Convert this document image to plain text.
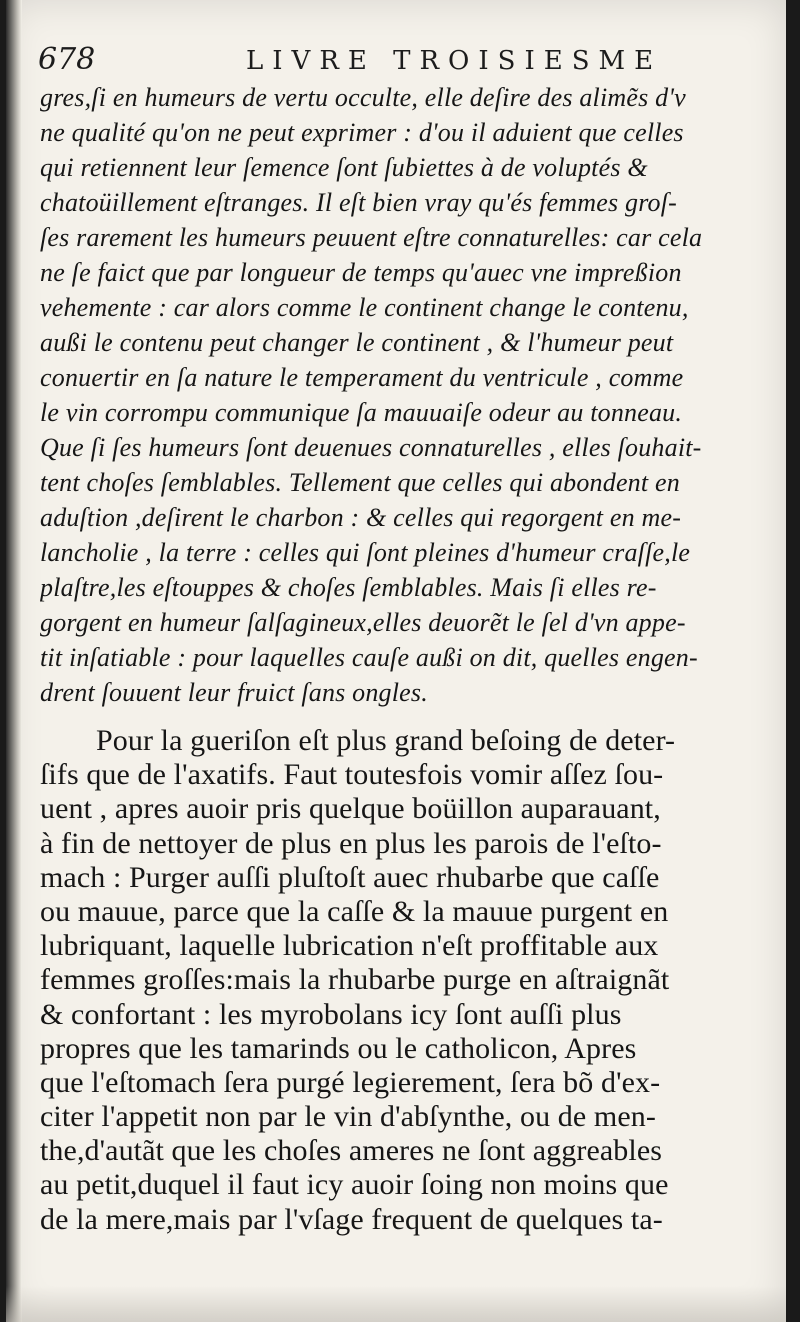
678	LIVRE TROISIESME
gres,ſi en humeurs de vertu occulte, elle deſire des alimẽs d'v
ne qualité qu'on ne peut exprimer : d'ou il aduient que celles
qui retiennent leur ſemence ſont ſubiettes à de voluptés &
chatoüillement eſtranges. Il eſt bien vray qu'és femmes groſ-
ſes rarement les humeurs peuuent eſtre connaturelles: car cela
ne ſe faict que par longueur de temps qu'auec vne impreßion
vehemente : car alors comme le continent change le contenu,
außi le contenu peut changer le continent , & l'humeur peut
conuertir en ſa nature le temperament du ventricule , comme
le vin corrompu communique ſa mauuaiſe odeur au tonneau.
Que ſi ſes humeurs ſont deuenues connaturelles , elles ſouhait-
tent choſes ſemblables. Tellement que celles qui abondent en
aduſtion ,deſirent le charbon : & celles qui regorgent en me-
lancholie , la terre : celles qui ſont pleines d'humeur craſſe,le
plaſtre,les eſtouppes & choſes ſemblables. Mais ſi elles re-
gorgent en humeur ſalſagineux,elles deuorẽt le ſel d'vn appe-
tit inſatiable : pour laquelles cauſe außi on dit, quelles engen-
drent ſouuent leur fruict ſans ongles.
Pour la gueriſon eſt plus grand beſoing de deter-
ſifs que de l'axatifs. Faut toutesfois vomir aſſez ſou-
uent , apres auoir pris quelque boüillon auparauant,
à fin de nettoyer de plus en plus les parois de l'eſto-
mach : Purger auſſi pluſtoſt auec rhubarbe que caſſe
ou mauue, parce que la caſſe & la mauue purgent en
lubriquant, laquelle lubrication n'eſt proffitable aux
femmes groſſes:mais la rhubarbe purge en aſtraignãt
& confortant : les myrobolans icy ſont auſſi plus
propres que les tamarinds ou le catholicon, Apres
que l'eſtomach ſera purgé legierement, ſera bõ d'ex-
citer l'appetit non par le vin d'abſynthe, ou de men-
the,d'autãt que les choſes ameres ne ſont aggreables
au petit,duquel il faut icy auoir ſoing non moins que
de la mere,mais par l'vſage frequent de quelques ta-
